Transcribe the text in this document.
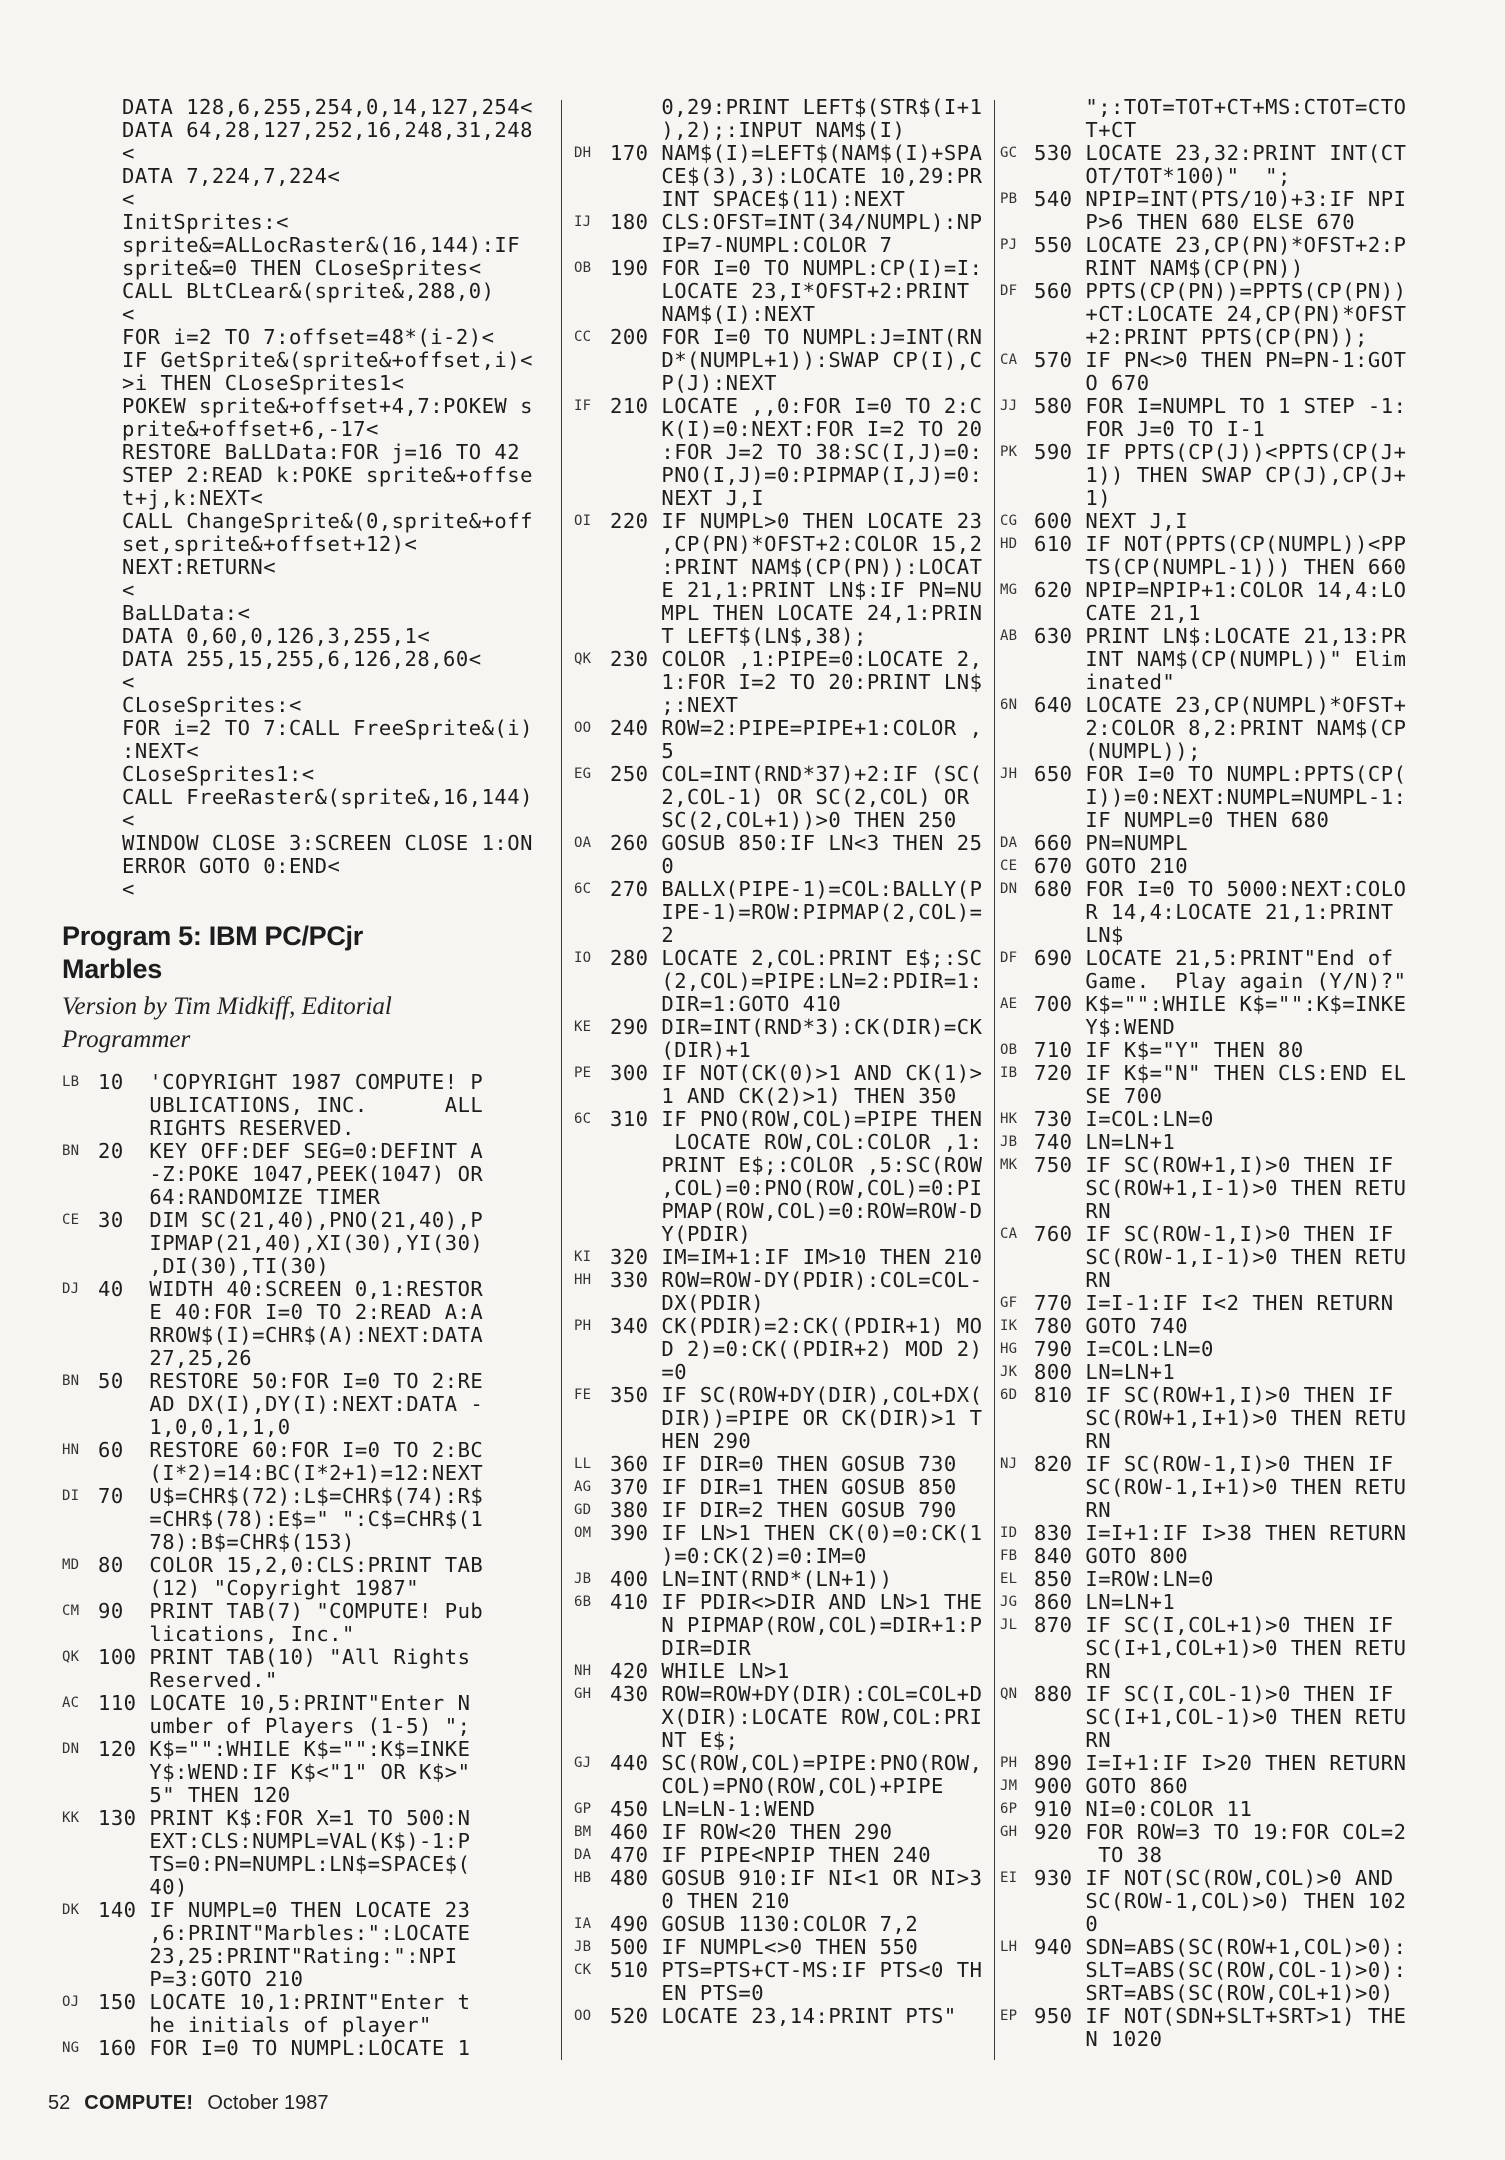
DATA 128,6,255,254,0,14,127,254<
DATA 64,28,127,252,16,248,31,248
<
DATA 7,224,7,224<
<
InitSprites:<
sprite&=ALLocRaster&(16,144):IF
sprite&=0 THEN CLoseSprites<
CALL BLtCLear&(sprite&,288,0)
<
FOR i=2 TO 7:offset=48*(i-2)<
IF GetSprite&(sprite&+offset,i)<
>i THEN CLoseSprites1<
POKEW sprite&+offset+4,7:POKEW s
prite&+offset+6,-17<
RESTORE BaLLData:FOR j=16 TO 42
STEP 2:READ k:POKE sprite&+offse
t+j,k:NEXT<
CALL ChangeSprite&(0,sprite&+off
set,sprite&+offset+12)<
NEXT:RETURN<
<
BaLLData:<
DATA 0,60,0,126,3,255,1<
DATA 255,15,255,6,126,28,60<
<
CLoseSprites:<
FOR i=2 TO 7:CALL FreeSprite&(i)
:NEXT<
CLoseSprites1:<
CALL FreeRaster&(sprite&,16,144)
<
WINDOW CLOSE 3:SCREEN CLOSE 1:ON
ERROR GOTO 0:END<
<
Program 5: IBM PC/PCjr
Marbles
Version by Tim Midkiff, Editorial
Programmer
LB 10  'COPYRIGHT 1987 COMPUTE! P
UBLICATIONS, INC.      ALL
RIGHTS RESERVED.
BN 20  KEY OFF:DEF SEG=0:DEFINT A
-Z:POKE 1047,PEEK(1047) OR
64:RANDOMIZE TIMER
CE 30  DIM SC(21,40),PNO(21,40),P
IPMAP(21,40),XI(30),YI(30)
,DI(30),TI(30)
DJ 40  WIDTH 40:SCREEN 0,1:RESTOR
E 40:FOR I=0 TO 2:READ A:A
RROW$(I)=CHR$(A):NEXT:DATA
27,25,26
BN 50  RESTORE 50:FOR I=0 TO 2:RE
AD DX(I),DY(I):NEXT:DATA -
1,0,0,1,1,0
HN 60  RESTORE 60:FOR I=0 TO 2:BC
(I*2)=14:BC(I*2+1)=12:NEXT
DI 70  U$=CHR$(72):L$=CHR$(74):R$
=CHR$(78):E$=" ":C$=CHR$(1
78):B$=CHR$(153)
MD 80  COLOR 15,2,0:CLS:PRINT TAB
(12) "Copyright 1987"
CM 90  PRINT TAB(7) "COMPUTE! Pub
lications, Inc."
QK 100 PRINT TAB(10) "All Rights
Reserved."
AC 110 LOCATE 10,5:PRINT"Enter N
umber of Players (1-5) ";
DN 120 K$="":WHILE K$="":K$=INKE
Y$:WEND:IF K$<"1" OR K$>"
5" THEN 120
KK 130 PRINT K$:FOR X=1 TO 500:N
EXT:CLS:NUMPL=VAL(K$)-1:P
TS=0:PN=NUMPL:LN$=SPACE$(
40)
DK 140 IF NUMPL=0 THEN LOCATE 23
,6:PRINT"Marbles:":LOCATE
23,25:PRINT"Rating:":NPI
P=3:GOTO 210
OJ 150 LOCATE 10,1:PRINT"Enter t
he initials of player"
NG 160 FOR I=0 TO NUMPL:LOCATE 1
0,29:PRINT LEFT$(STR$(I+1
),2);:INPUT NAM$(I)
DH 170 NAM$(I)=LEFT$(NAM$(I)+SPA
CE$(3),3):LOCATE 10,29:PR
INT SPACE$(11):NEXT
IJ 180 CLS:OFST=INT(34/NUMPL):NP
IP=7-NUMPL:COLOR 7
OB 190 FOR I=0 TO NUMPL:CP(I)=I:
LOCATE 23,I*OFST+2:PRINT
NAM$(I):NEXT
CC 200 FOR I=0 TO NUMPL:J=INT(RN
D*(NUMPL+1)):SWAP CP(I),C
P(J):NEXT
IF 210 LOCATE ,,0:FOR I=0 TO 2:C
K(I)=0:NEXT:FOR I=2 TO 20
:FOR J=2 TO 38:SC(I,J)=0:
PNO(I,J)=0:PIPMAP(I,J)=0:
NEXT J,I
OI 220 IF NUMPL>0 THEN LOCATE 23
,CP(PN)*OFST+2:COLOR 15,2
:PRINT NAM$(CP(PN)):LOCAT
E 21,1:PRINT LN$:IF PN=NU
MPL THEN LOCATE 24,1:PRIN
T LEFT$(LN$,38);
QK 230 COLOR ,1:PIPE=0:LOCATE 2,
1:FOR I=2 TO 20:PRINT LN$
;:NEXT
OO 240 ROW=2:PIPE=PIPE+1:COLOR ,
5
EG 250 COL=INT(RND*37)+2:IF (SC(
2,COL-1) OR SC(2,COL) OR
SC(2,COL+1))>0 THEN 250
OA 260 GOSUB 850:IF LN<3 THEN 25
0
6C 270 BALLX(PIPE-1)=COL:BALLY(P
IPE-1)=ROW:PIPMAP(2,COL)=
2
IO 280 LOCATE 2,COL:PRINT E$;:SC
(2,COL)=PIPE:LN=2:PDIR=1:
DIR=1:GOTO 410
KE 290 DIR=INT(RND*3):CK(DIR)=CK
(DIR)+1
PE 300 IF NOT(CK(0)>1 AND CK(1)>
1 AND CK(2)>1) THEN 350
6C 310 IF PNO(ROW,COL)=PIPE THEN
LOCATE ROW,COL:COLOR ,1:
PRINT E$;:COLOR ,5:SC(ROW
,COL)=0:PNO(ROW,COL)=0:PI
PMAP(ROW,COL)=0:ROW=ROW-D
Y(PDIR)
KI 320 IM=IM+1:IF IM>10 THEN 210
HH 330 ROW=ROW-DY(PDIR):COL=COL-
DX(PDIR)
PH 340 CK(PDIR)=2:CK((PDIR+1) MO
D 2)=0:CK((PDIR+2) MOD 2)
=0
FE 350 IF SC(ROW+DY(DIR),COL+DX(
DIR))=PIPE OR CK(DIR)>1 T
HEN 290
LL 360 IF DIR=0 THEN GOSUB 730
AG 370 IF DIR=1 THEN GOSUB 850
GD 380 IF DIR=2 THEN GOSUB 790
OM 390 IF LN>1 THEN CK(0)=0:CK(1
)=0:CK(2)=0:IM=0
JB 400 LN=INT(RND*(LN+1))
6B 410 IF PDIR<>DIR AND LN>1 THE
N PIPMAP(ROW,COL)=DIR+1:P
DIR=DIR
NH 420 WHILE LN>1
GH 430 ROW=ROW+DY(DIR):COL=COL+D
X(DIR):LOCATE ROW,COL:PRI
NT E$;
GJ 440 SC(ROW,COL)=PIPE:PNO(ROW,
COL)=PNO(ROW,COL)+PIPE
GP 450 LN=LN-1:WEND
BM 460 IF ROW<20 THEN 290
DA 470 IF PIPE<NPIP THEN 240
HB 480 GOSUB 910:IF NI<1 OR NI>3
0 THEN 210
IA 490 GOSUB 1130:COLOR 7,2
JB 500 IF NUMPL<>0 THEN 550
CK 510 PTS=PTS+CT-MS:IF PTS<0 TH
EN PTS=0
OO 520 LOCATE 23,14:PRINT PTS"
";:TOT=TOT+CT+MS:CTOT=CTO
T+CT
GC 530 LOCATE 23,32:PRINT INT(CT
OT/TOT*100)"  ";
PB 540 NPIP=INT(PTS/10)+3:IF NPI
P>6 THEN 680 ELSE 670
PJ 550 LOCATE 23,CP(PN)*OFST+2:P
RINT NAM$(CP(PN))
DF 560 PPTS(CP(PN))=PPTS(CP(PN))
+CT:LOCATE 24,CP(PN)*OFST
+2:PRINT PPTS(CP(PN));
CA 570 IF PN<>0 THEN PN=PN-1:GOT
O 670
JJ 580 FOR I=NUMPL TO 1 STEP -1:
FOR J=0 TO I-1
PK 590 IF PPTS(CP(J))<PPTS(CP(J+
1)) THEN SWAP CP(J),CP(J+
1)
CG 600 NEXT J,I
HD 610 IF NOT(PPTS(CP(NUMPL))<PP
TS(CP(NUMPL-1))) THEN 660
MG 620 NPIP=NPIP+1:COLOR 14,4:LO
CATE 21,1
AB 630 PRINT LN$:LOCATE 21,13:PR
INT NAM$(CP(NUMPL))" Elim
inated"
6N 640 LOCATE 23,CP(NUMPL)*OFST+
2:COLOR 8,2:PRINT NAM$(CP
(NUMPL));
JH 650 FOR I=0 TO NUMPL:PPTS(CP(
I))=0:NEXT:NUMPL=NUMPL-1:
IF NUMPL=0 THEN 680
DA 660 PN=NUMPL
CE 670 GOTO 210
DN 680 FOR I=0 TO 5000:NEXT:COLO
R 14,4:LOCATE 21,1:PRINT
LN$
DF 690 LOCATE 21,5:PRINT"End of
Game.  Play again (Y/N)?"
AE 700 K$="":WHILE K$="":K$=INKE
Y$:WEND
OB 710 IF K$="Y" THEN 80
IB 720 IF K$="N" THEN CLS:END EL
SE 700
HK 730 I=COL:LN=0
JB 740 LN=LN+1
MK 750 IF SC(ROW+1,I)>0 THEN IF
SC(ROW+1,I-1)>0 THEN RETU
RN
CA 760 IF SC(ROW-1,I)>0 THEN IF
SC(ROW-1,I-1)>0 THEN RETU
RN
GF 770 I=I-1:IF I<2 THEN RETURN
IK 780 GOTO 740
HG 790 I=COL:LN=0
JK 800 LN=LN+1
6D 810 IF SC(ROW+1,I)>0 THEN IF
SC(ROW+1,I+1)>0 THEN RETU
RN
NJ 820 IF SC(ROW-1,I)>0 THEN IF
SC(ROW-1,I+1)>0 THEN RETU
RN
ID 830 I=I+1:IF I>38 THEN RETURN
FB 840 GOTO 800
EL 850 I=ROW:LN=0
JG 860 LN=LN+1
JL 870 IF SC(I,COL+1)>0 THEN IF
SC(I+1,COL+1)>0 THEN RETU
RN
QN 880 IF SC(I,COL-1)>0 THEN IF
SC(I+1,COL-1)>0 THEN RETU
RN
PH 890 I=I+1:IF I>20 THEN RETURN
JM 900 GOTO 860
6P 910 NI=0:COLOR 11
GH 920 FOR ROW=3 TO 19:FOR COL=2
TO 38
EI 930 IF NOT(SC(ROW,COL)>0 AND
SC(ROW-1,COL)>0) THEN 102
0
LH 940 SDN=ABS(SC(ROW+1,COL)>0):
SLT=ABS(SC(ROW,COL-1)>0):
SRT=ABS(SC(ROW,COL+1)>0)
EP 950 IF NOT(SDN+SLT+SRT>1) THE
N 1020
52 COMPUTE! October 1987
